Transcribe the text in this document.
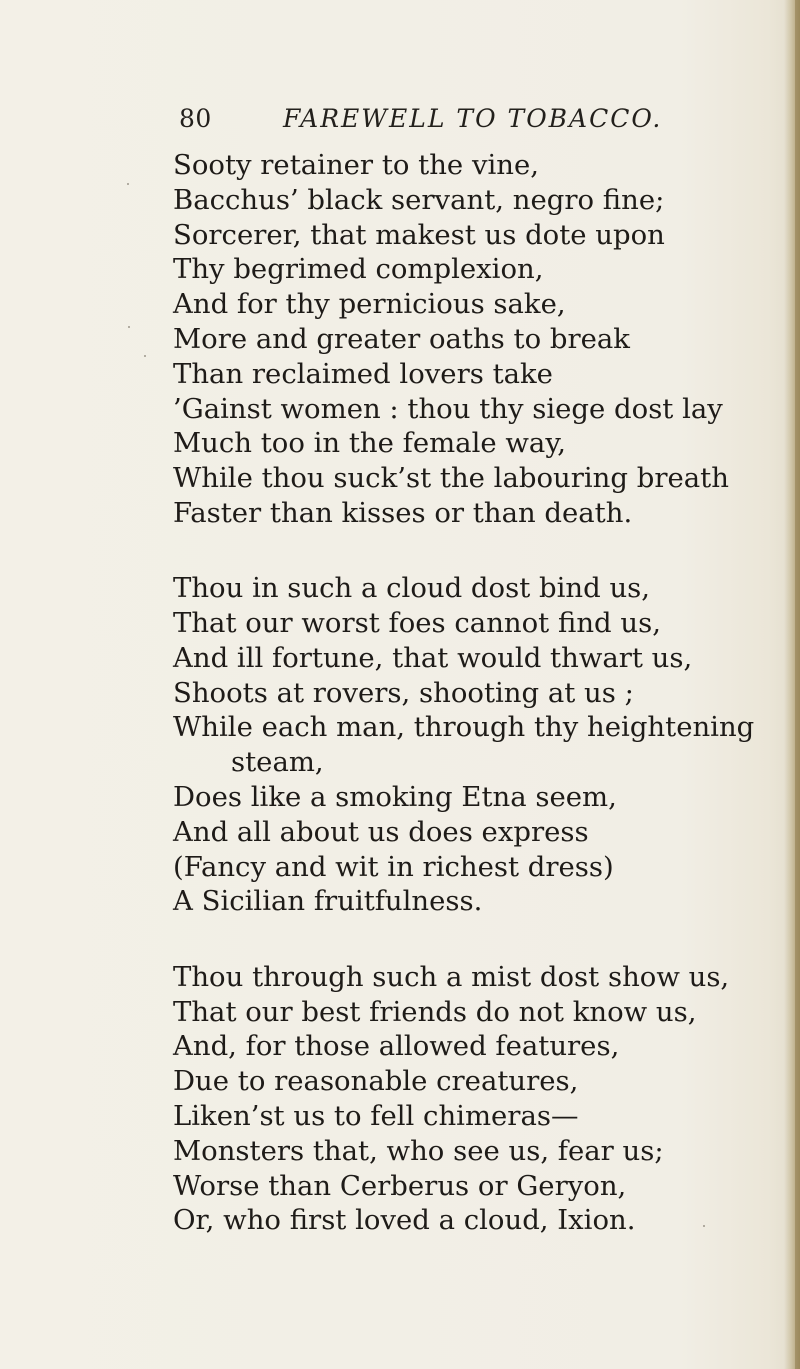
80	FAREWELL TO TOBACCO.
Sooty retainer to the vine,
Bacchus’ black servant, negro fine;
Sorcerer, that makest us dote upon
Thy begrimed complexion,
And for thy pernicious sake,
More and greater oaths to break
Than reclaimed lovers take
’Gainst women : thou thy siege dost lay
Much too in the female way,
While thou suck’st the labouring breath
Faster than kisses or than death.
Thou in such a cloud dost bind us,
That our worst foes cannot find us,
And ill fortune, that would thwart us,
Shoots at rovers, shooting at us ;
While each man, through thy heightening
steam,
Does like a smoking Etna seem,
And all about us does express
(Fancy and wit in richest dress)
A Sicilian fruitfulness.
Thou through such a mist dost show us,
That our best friends do not know us,
And, for those allowed features,
Due to reasonable creatures,
Liken’st us to fell chimeras—
Monsters that, who see us, fear us;
Worse than Cerberus or Geryon,
Or, who first loved a cloud, Ixion.
